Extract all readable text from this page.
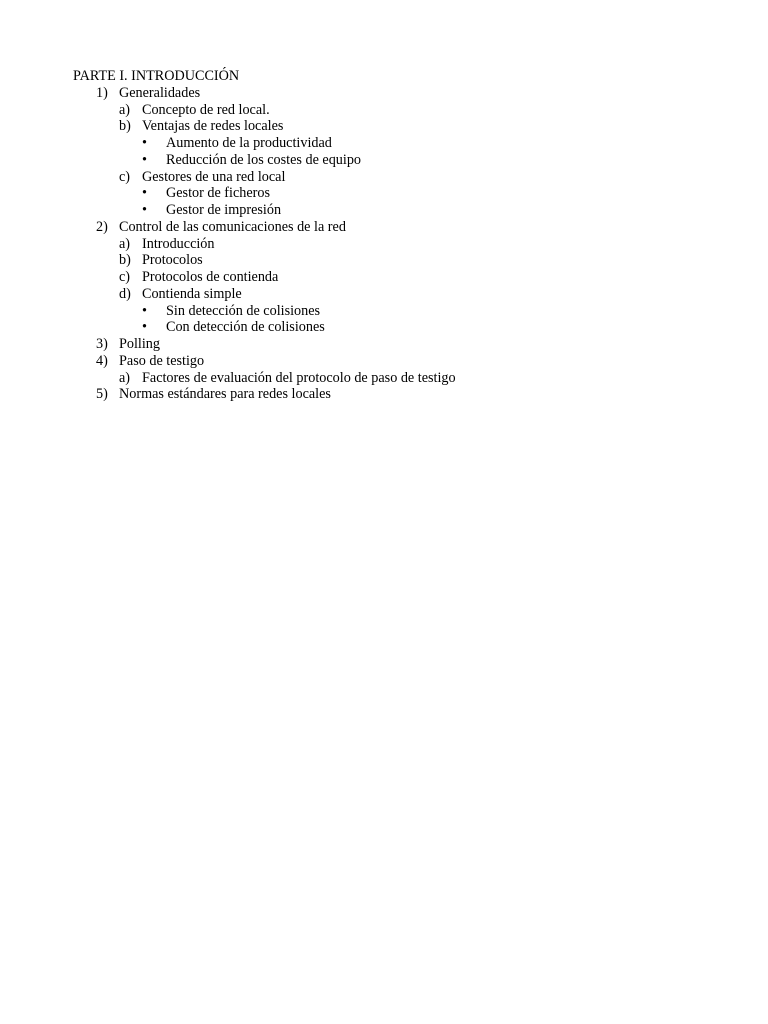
PARTE I. INTRODUCCIÓN
1) Generalidades
a) Concepto de red local.
b) Ventajas de redes locales
• Aumento de la productividad
• Reducción de los costes de equipo
c) Gestores de una red local
• Gestor de ficheros
• Gestor de impresión
2) Control de las comunicaciones de la red
a) Introducción
b) Protocolos
c) Protocolos de contienda
d) Contienda simple
• Sin detección de colisiones
• Con detección de colisiones
3) Polling
4) Paso de testigo
a) Factores de evaluación del protocolo de paso de testigo
5) Normas estándares para redes locales
